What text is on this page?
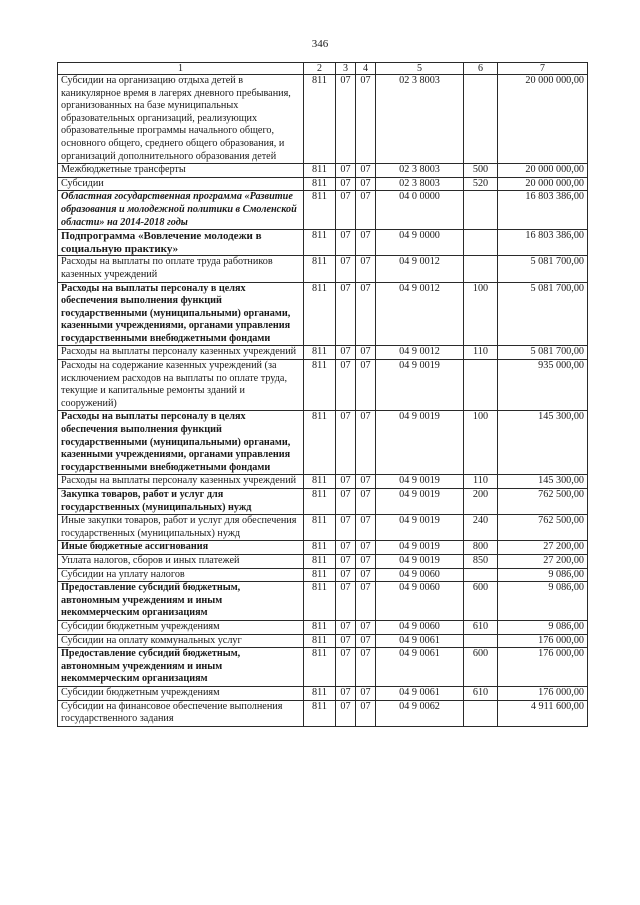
346
1	2	3	4	5	6	7
Субсидии на организацию отдыха детей в каникулярное время в лагерях дневного пребывания, организованных на базе муниципальных образовательных организаций, реализующих образовательные программы начального общего, основного общего, среднего общего образования, и организаций дополнительного образования детей	811	07	07	02 3 8003		20 000 000,00
Межбюджетные трансферты	811	07	07	02 3 8003	500	20 000 000,00
Субсидии	811	07	07	02 3 8003	520	20 000 000,00
Областная государственная программа «Развитие образования и молодежной политики в Смоленской области» на 2014-2018 годы	811	07	07	04 0 0000		16 803 386,00
Подпрограмма «Вовлечение молодежи в социальную практику»	811	07	07	04 9 0000		16 803 386,00
Расходы на выплаты по оплате труда работников казенных учреждений	811	07	07	04 9 0012		5 081 700,00
Расходы на выплаты персоналу в целях обеспечения выполнения функций государственными (муниципальными) органами, казенными учреждениями, органами управления государственными внебюджетными фондами	811	07	07	04 9 0012	100	5 081 700,00
Расходы на выплаты персоналу казенных учреждений	811	07	07	04 9 0012	110	5 081 700,00
Расходы на содержание казенных учреждений (за исключением расходов на выплаты по оплате труда, текущие и капитальные ремонты зданий и сооружений)	811	07	07	04 9 0019		935 000,00
Расходы на выплаты персоналу в целях обеспечения выполнения функций государственными (муниципальными) органами, казенными учреждениями, органами управления государственными внебюджетными фондами	811	07	07	04 9 0019	100	145 300,00
Расходы на выплаты персоналу казенных учреждений	811	07	07	04 9 0019	110	145 300,00
Закупка товаров, работ и услуг для государственных (муниципальных) нужд	811	07	07	04 9 0019	200	762 500,00
Иные закупки товаров, работ и услуг для обеспечения государственных (муниципальных) нужд	811	07	07	04 9 0019	240	762 500,00
Иные бюджетные ассигнования	811	07	07	04 9 0019	800	27 200,00
Уплата налогов, сборов и иных платежей	811	07	07	04 9 0019	850	27 200,00
Субсидии на уплату налогов	811	07	07	04 9 0060		9 086,00
Предоставление субсидий бюджетным, автономным учреждениям и иным некоммерческим организациям	811	07	07	04 9 0060	600	9 086,00
Субсидии бюджетным учреждениям	811	07	07	04 9 0060	610	9 086,00
Субсидии на оплату коммунальных услуг	811	07	07	04 9 0061		176 000,00
Предоставление субсидий бюджетным, автономным учреждениям и иным некоммерческим организациям	811	07	07	04 9 0061	600	176 000,00
Субсидии бюджетным учреждениям	811	07	07	04 9 0061	610	176 000,00
Субсидии на финансовое обеспечение выполнения государственного задания	811	07	07	04 9 0062		4 911 600,00
